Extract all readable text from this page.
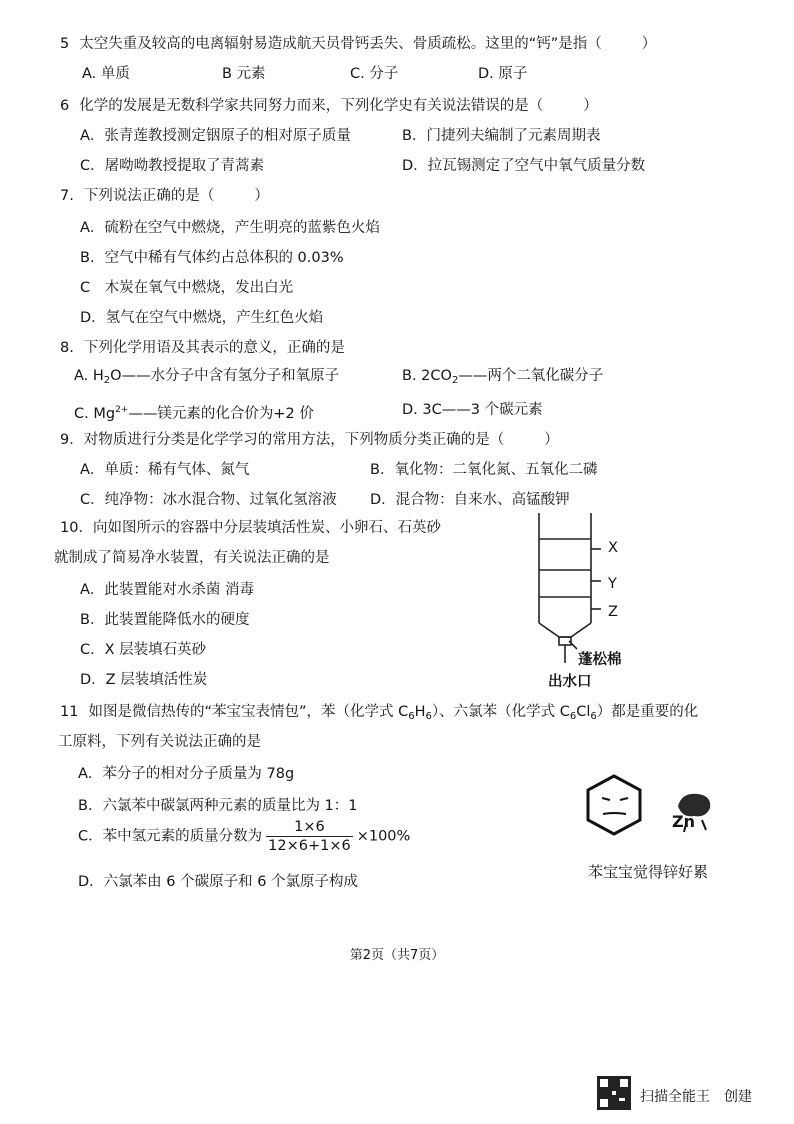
5 太空失重及较高的电离辐射易造成航天员骨钙丢失、骨质疏松。这里的“钙”是指（	）
A. 单质	B 元素	C. 分子	D. 原子
6 化学的发展是无数科学家共同努力而来，下列化学史有关说法错误的是（	）
A．张青莲教授测定铟原子的相对原子质量	B．门捷列夫编制了元素周期表
C．屠呦呦教授提取了青蒿素	D．拉瓦锡测定了空气中氧气质量分数
7. 下列说法正确的是（	）
A．硫粉在空气中燃烧，产生明亮的蓝紫色火焰
B．空气中稀有气体约占总体积的 0.03%
C　木炭在氧气中燃烧，发出白光
D．氢气在空气中燃烧，产生红色火焰
8. 下列化学用语及其表示的意义，正确的是
A. $H_2O——$水分子中含有氢分子和氧原子	B. $2CO_2——$两个二氧化碳分子
C. $Mg^{2+}——$镁元素的化合价为+2 价	D. 3C——3 个碳元素
9．对物质进行分类是化学学习的常用方法，下列物质分类正确的是（	）
A．单质：稀有气体、氮气	B．氧化物：二氧化氮、五氧化二磷
C．纯净物：冰水混合物、过氧化氢溶液 D．混合物：自来水、高锰酸钾
10．向如图所示的容器中分层装填活性炭、小卵石、石英砂
就制成了简易净水装置，有关说法正确的是
A．此装置能对水杀菌 消毒
B．此装置能降低水的硬度
C．X 层装填石英砂
D．Z 层装填活性炭
X
Y
Z
蓬松棉
出水口
11 如图是微信热传的“苯宝宝表情包”，苯（化学式 $C_6H_6$）、六氯苯（化学式 $C_6Cl_6$）都是重要的化
工原料，下列有关说法正确的是
A．苯分子的相对分子质量为 78g
B．六氯苯中碳氯两种元素的质量比为 1：1
C．苯中氢元素的质量分数为 $\frac{1\times 6}{12\times 6+1\times 6} \times 100\%$
D．六氯苯由 6 个碳原子和 6 个氯原子构成
Zn
苯宝宝觉得锌好累
第2页（共7页）
扫描全能王　创建
